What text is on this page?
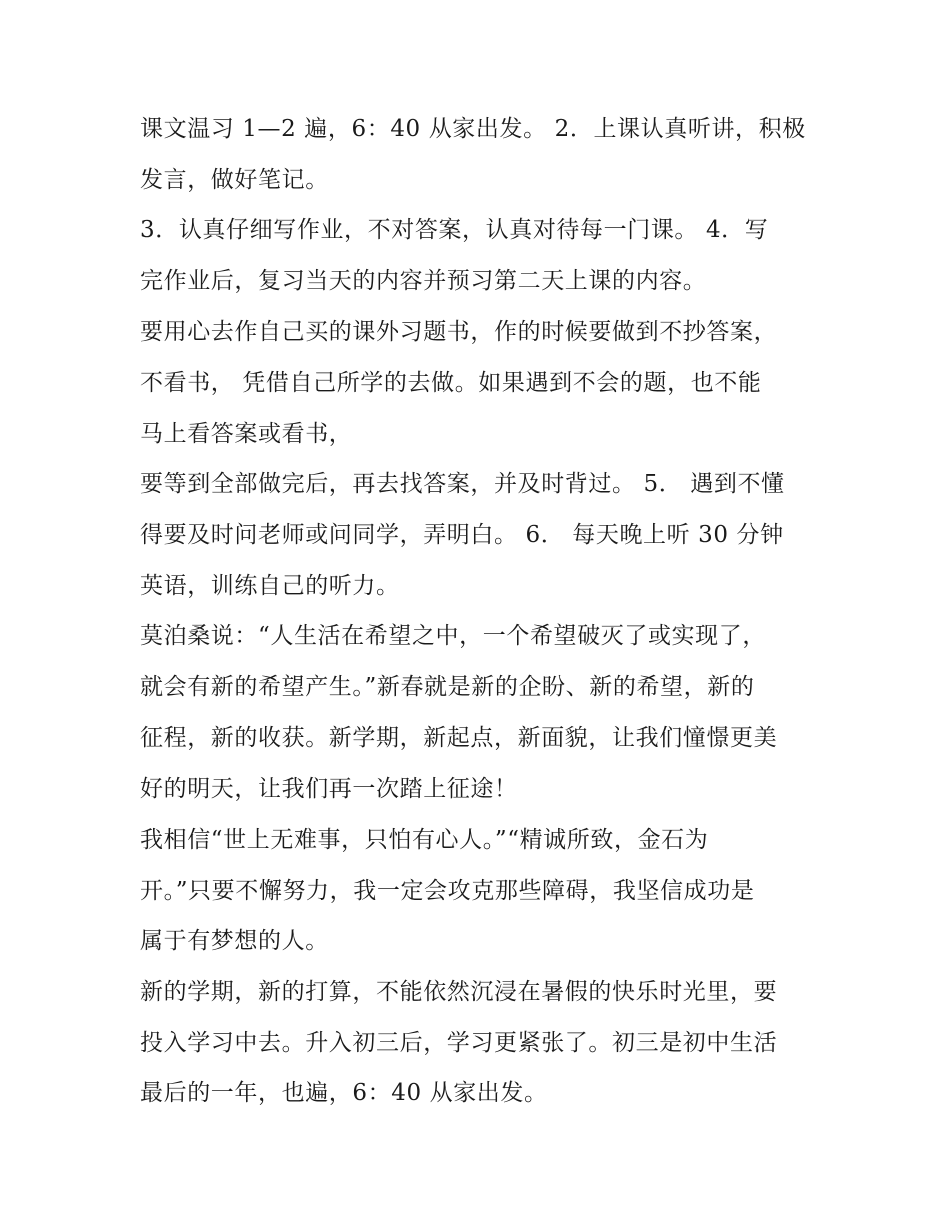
课文温习 1—2 遍，6：40 从家出发。 2．上课认真听讲，积极
发言，做好笔记。
3．认真仔细写作业，不对答案，认真对待每一门课。 4．写
完作业后，复习当天的内容并预习第二天上课的内容。
要用心去作自己买的课外习题书，作的时候要做到不抄答案，
不看书， 凭借自己所学的去做。如果遇到不会的题，也不能
马上看答案或看书，
要等到全部做完后，再去找答案，并及时背过。 5． 遇到不懂
得要及时问老师或问同学，弄明白。 6． 每天晚上听 30 分钟
英语，训练自己的听力。
莫泊桑说：“人生活在希望之中，一个希望破灭了或实现了，
就会有新的希望产生。”新春就是新的企盼、新的希望，新的
征程，新的收获。新学期，新起点，新面貌，让我们憧憬更美
好的明天，让我们再一次踏上征途！
我相信“世上无难事，只怕有心人。”“精诚所致，金石为
开。”只要不懈努力，我一定会攻克那些障碍，我坚信成功是
属于有梦想的人。
新的学期，新的打算，不能依然沉浸在暑假的快乐时光里，要
投入学习中去。升入初三后，学习更紧张了。初三是初中生活
最后的一年，也遍，6：40 从家出发。
